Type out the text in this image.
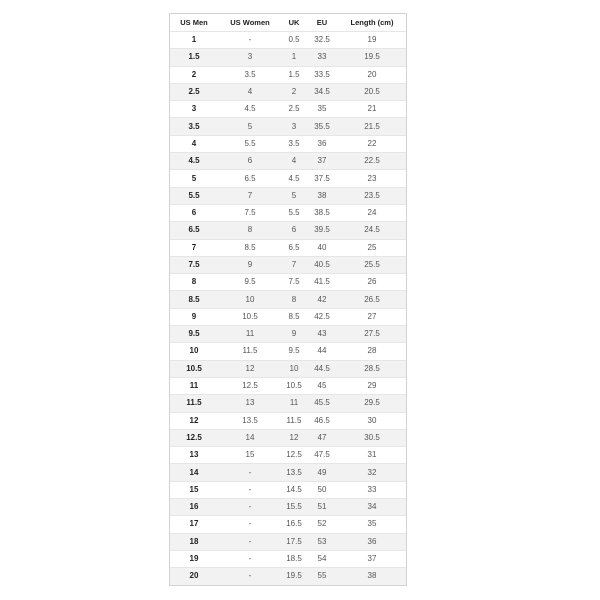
US Men	US Women	UK	EU	Length (cm)
1	-	0.5	32.5	19
1.5	3	1	33	19.5
2	3.5	1.5	33.5	20
2.5	4	2	34.5	20.5
3	4.5	2.5	35	21
3.5	5	3	35.5	21.5
4	5.5	3.5	36	22
4.5	6	4	37	22.5
5	6.5	4.5	37.5	23
5.5	7	5	38	23.5
6	7.5	5.5	38.5	24
6.5	8	6	39.5	24.5
7	8.5	6.5	40	25
7.5	9	7	40.5	25.5
8	9.5	7.5	41.5	26
8.5	10	8	42	26.5
9	10.5	8.5	42.5	27
9.5	11	9	43	27.5
10	11.5	9.5	44	28
10.5	12	10	44.5	28.5
11	12.5	10.5	45	29
11.5	13	11	45.5	29.5
12	13.5	11.5	46.5	30
12.5	14	12	47	30.5
13	15	12.5	47.5	31
14	-	13.5	49	32
15	-	14.5	50	33
16	-	15.5	51	34
17	-	16.5	52	35
18	-	17.5	53	36
19	-	18.5	54	37
20	-	19.5	55	38
